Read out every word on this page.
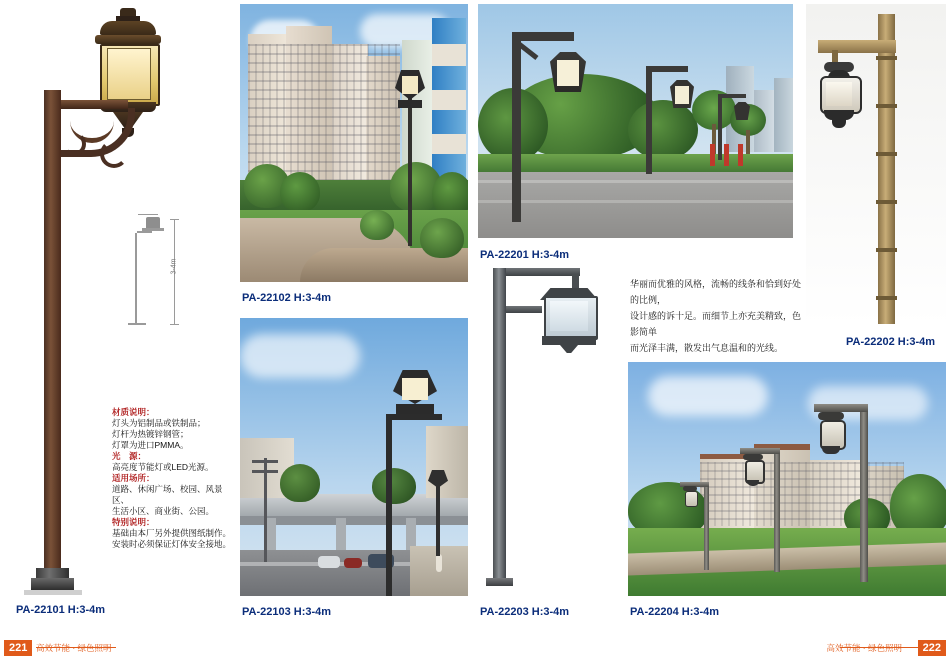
3-4m
材质说明：
灯头为铝制品或铁制品；
灯杆为热镀锌钢管；
灯罩为进口PMMA。
光　源：
高亮度节能灯或LED光源。
适用场所：
道路、休闲广场、校园、风景区、
生活小区、商业街、公园。
特别说明：
基础由本厂另外提供图纸制作。
安装时必须保证灯体安全接地。
PA-22101 H:3-4m
PA-22102 H:3-4m
PA-22103 H:3-4m
PA-22201 H:3-4m
PA-22202 H:3-4m
华丽而优雅的风格，流畅的线条和恰到好处的比例，
设计感的诉十足。而细节上亦充美精致，色影简单
而光泽丰满，散发出气息温和的光线。
PA-22203 H:3-4m	PA-22204 H:3-4m
221	高效节能 · 绿色照明	高效节能 · 绿色照明	222
